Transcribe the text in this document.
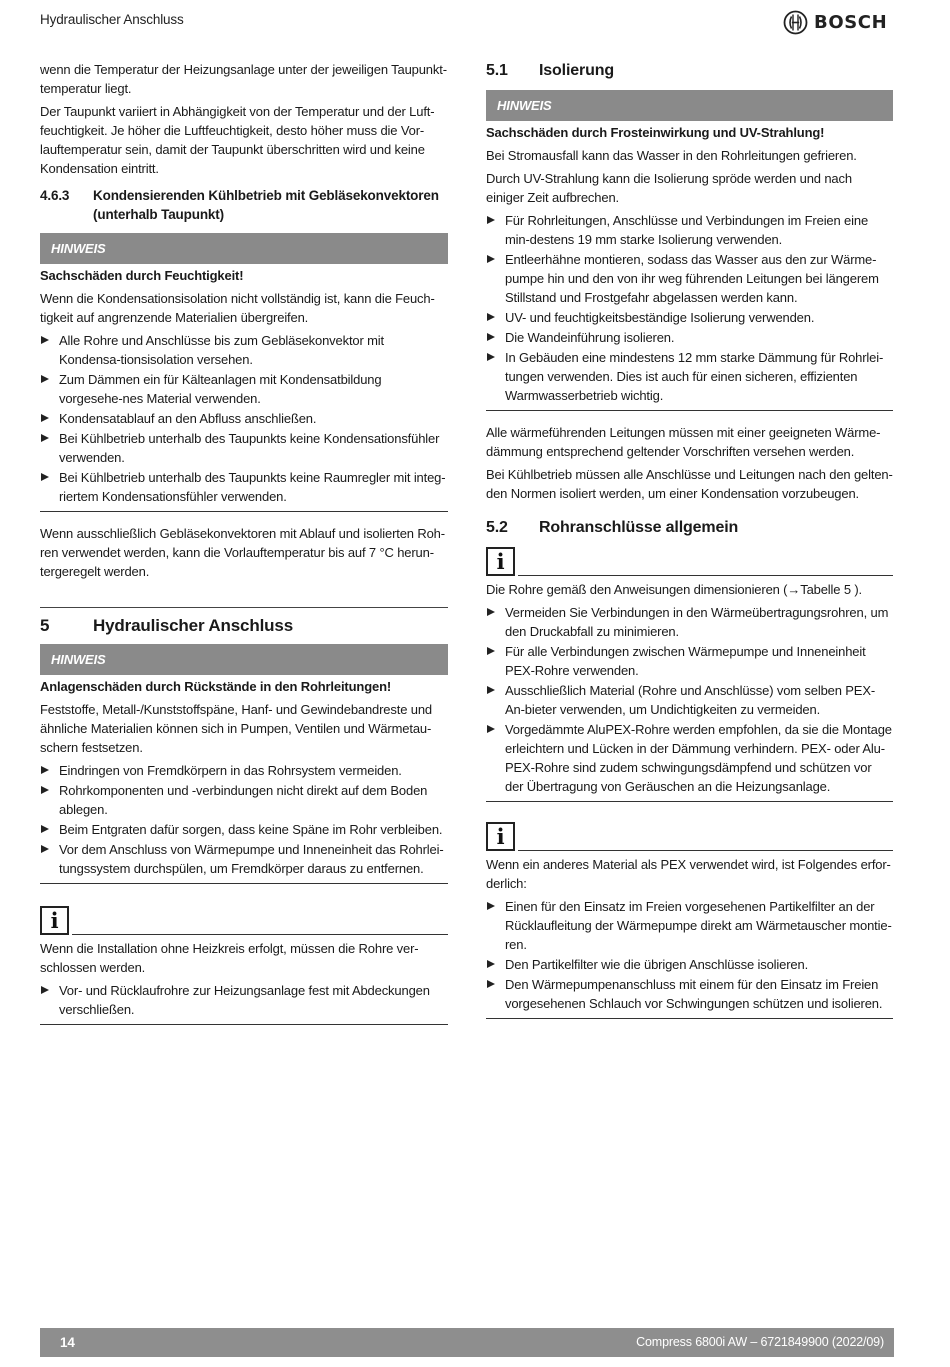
Hydraulischer Anschluss	BOSCH

wenn die Temperatur der Heizungsanlage unter der jeweiligen Taupunkt-temperatur liegt.

Der Taupunkt variiert in Abhängigkeit von der Temperatur und der Luft-feuchtigkeit. Je höher die Luftfeuchtigkeit, desto höher muss die Vor-lauftemperatur sein, damit der Taupunkt überschritten wird und keine Kondensation eintritt.

4.6.3	Kondensierenden Kühlbetrieb mit Gebläsekonvektoren (unterhalb Taupunkt)
HINWEIS
Sachschäden durch Feuchtigkeit!

Wenn die Kondensationsisolation nicht vollständig ist, kann die Feuch-tigkeit auf angrenzende Materialien übergreifen.

Alle Rohre und Anschlüsse bis zum Gebläsekonvektor mit Kondensa-tionsisolation versehen.
Zum Dämmen ein für Kälteanlagen mit Kondensatbildung vorgesehe-nes Material verwenden.
Kondensatablauf an den Abfluss anschließen.
Bei Kühlbetrieb unterhalb des Taupunkts keine Kondensationsfühler verwenden.
Bei Kühlbetrieb unterhalb des Taupunkts keine Raumregler mit integ-riertem Kondensationsfühler verwenden.

Wenn ausschließlich Gebläsekonvektoren mit Ablauf und isolierten Roh-ren verwendet werden, kann die Vorlauftemperatur bis auf 7 °C herun-tergeregelt werden.

5	Hydraulischer Anschluss
HINWEIS
Anlagenschäden durch Rückstände in den Rohrleitungen!

Feststoffe, Metall-/Kunststoffspäne, Hanf- und Gewindebandreste und ähnliche Materialien können sich in Pumpen, Ventilen und Wärmetau-schern festsetzen.

Eindringen von Fremdkörpern in das Rohrsystem vermeiden.
Rohrkomponenten und -verbindungen nicht direkt auf dem Boden ablegen.
Beim Entgraten dafür sorgen, dass keine Späne im Rohr verbleiben.
Vor dem Anschluss von Wärmepumpe und Inneneinheit das Rohrlei-tungssystem durchspülen, um Fremdkörper daraus zu entfernen.
i

Wenn die Installation ohne Heizkreis erfolgt, müssen die Rohre ver-schlossen werden.

Vor- und Rücklaufrohre zur Heizungsanlage fest mit Abdeckungen verschließen.
5.1	Isolierung
HINWEIS
Sachschäden durch Frosteinwirkung und UV-Strahlung!

Bei Stromausfall kann das Wasser in den Rohrleitungen gefrieren.

Durch UV-Strahlung kann die Isolierung spröde werden und nach einiger Zeit aufbrechen.

Für Rohrleitungen, Anschlüsse und Verbindungen im Freien eine min-destens 19 mm starke Isolierung verwenden.
Entleerhähne montieren, sodass das Wasser aus den zur Wärme-pumpe hin und den von ihr weg führenden Leitungen bei längerem Stillstand und Frostgefahr abgelassen werden kann.
UV- und feuchtigkeitsbeständige Isolierung verwenden.
Die Wandeinführung isolieren.
In Gebäuden eine mindestens 12 mm starke Dämmung für Rohrlei-tungen verwenden. Dies ist auch für einen sicheren, effizienten Warmwasserbetrieb wichtig.

Alle wärmeführenden Leitungen müssen mit einer geeigneten Wärme-dämmung entsprechend geltender Vorschriften versehen werden.

Bei Kühlbetrieb müssen alle Anschlüsse und Leitungen nach den gelten-den Normen isoliert werden, um einer Kondensation vorzubeugen.

5.2	Rohranschlüsse allgemein
i

Die Rohre gemäß den Anweisungen dimensionieren (→Tabelle 5 ).

Vermeiden Sie Verbindungen in den Wärmeübertragungsrohren, um den Druckabfall zu minimieren.
Für alle Verbindungen zwischen Wärmepumpe und Inneneinheit PEX-Rohre verwenden.
Ausschließlich Material (Rohre und Anschlüsse) vom selben PEX-An-bieter verwenden, um Undichtigkeiten zu vermeiden.
Vorgedämmte AluPEX-Rohre werden empfohlen, da sie die Montage erleichtern und Lücken in der Dämmung verhindern. PEX- oder Alu-PEX-Rohre sind zudem schwingungsdämpfend und schützen vor der Übertragung von Geräuschen an die Heizungsanlage.
i

Wenn ein anderes Material als PEX verwendet wird, ist Folgendes erfor-derlich:

Einen für den Einsatz im Freien vorgesehenen Partikelfilter an der Rücklaufleitung der Wärmepumpe direkt am Wärmetauscher montie-ren.
Den Partikelfilter wie die übrigen Anschlüsse isolieren.
Den Wärmepumpenanschluss mit einem für den Einsatz im Freien vorgesehenen Schlauch vor Schwingungen schützen und isolieren.
14	Compress 6800i AW – 6721849900 (2022/09)
